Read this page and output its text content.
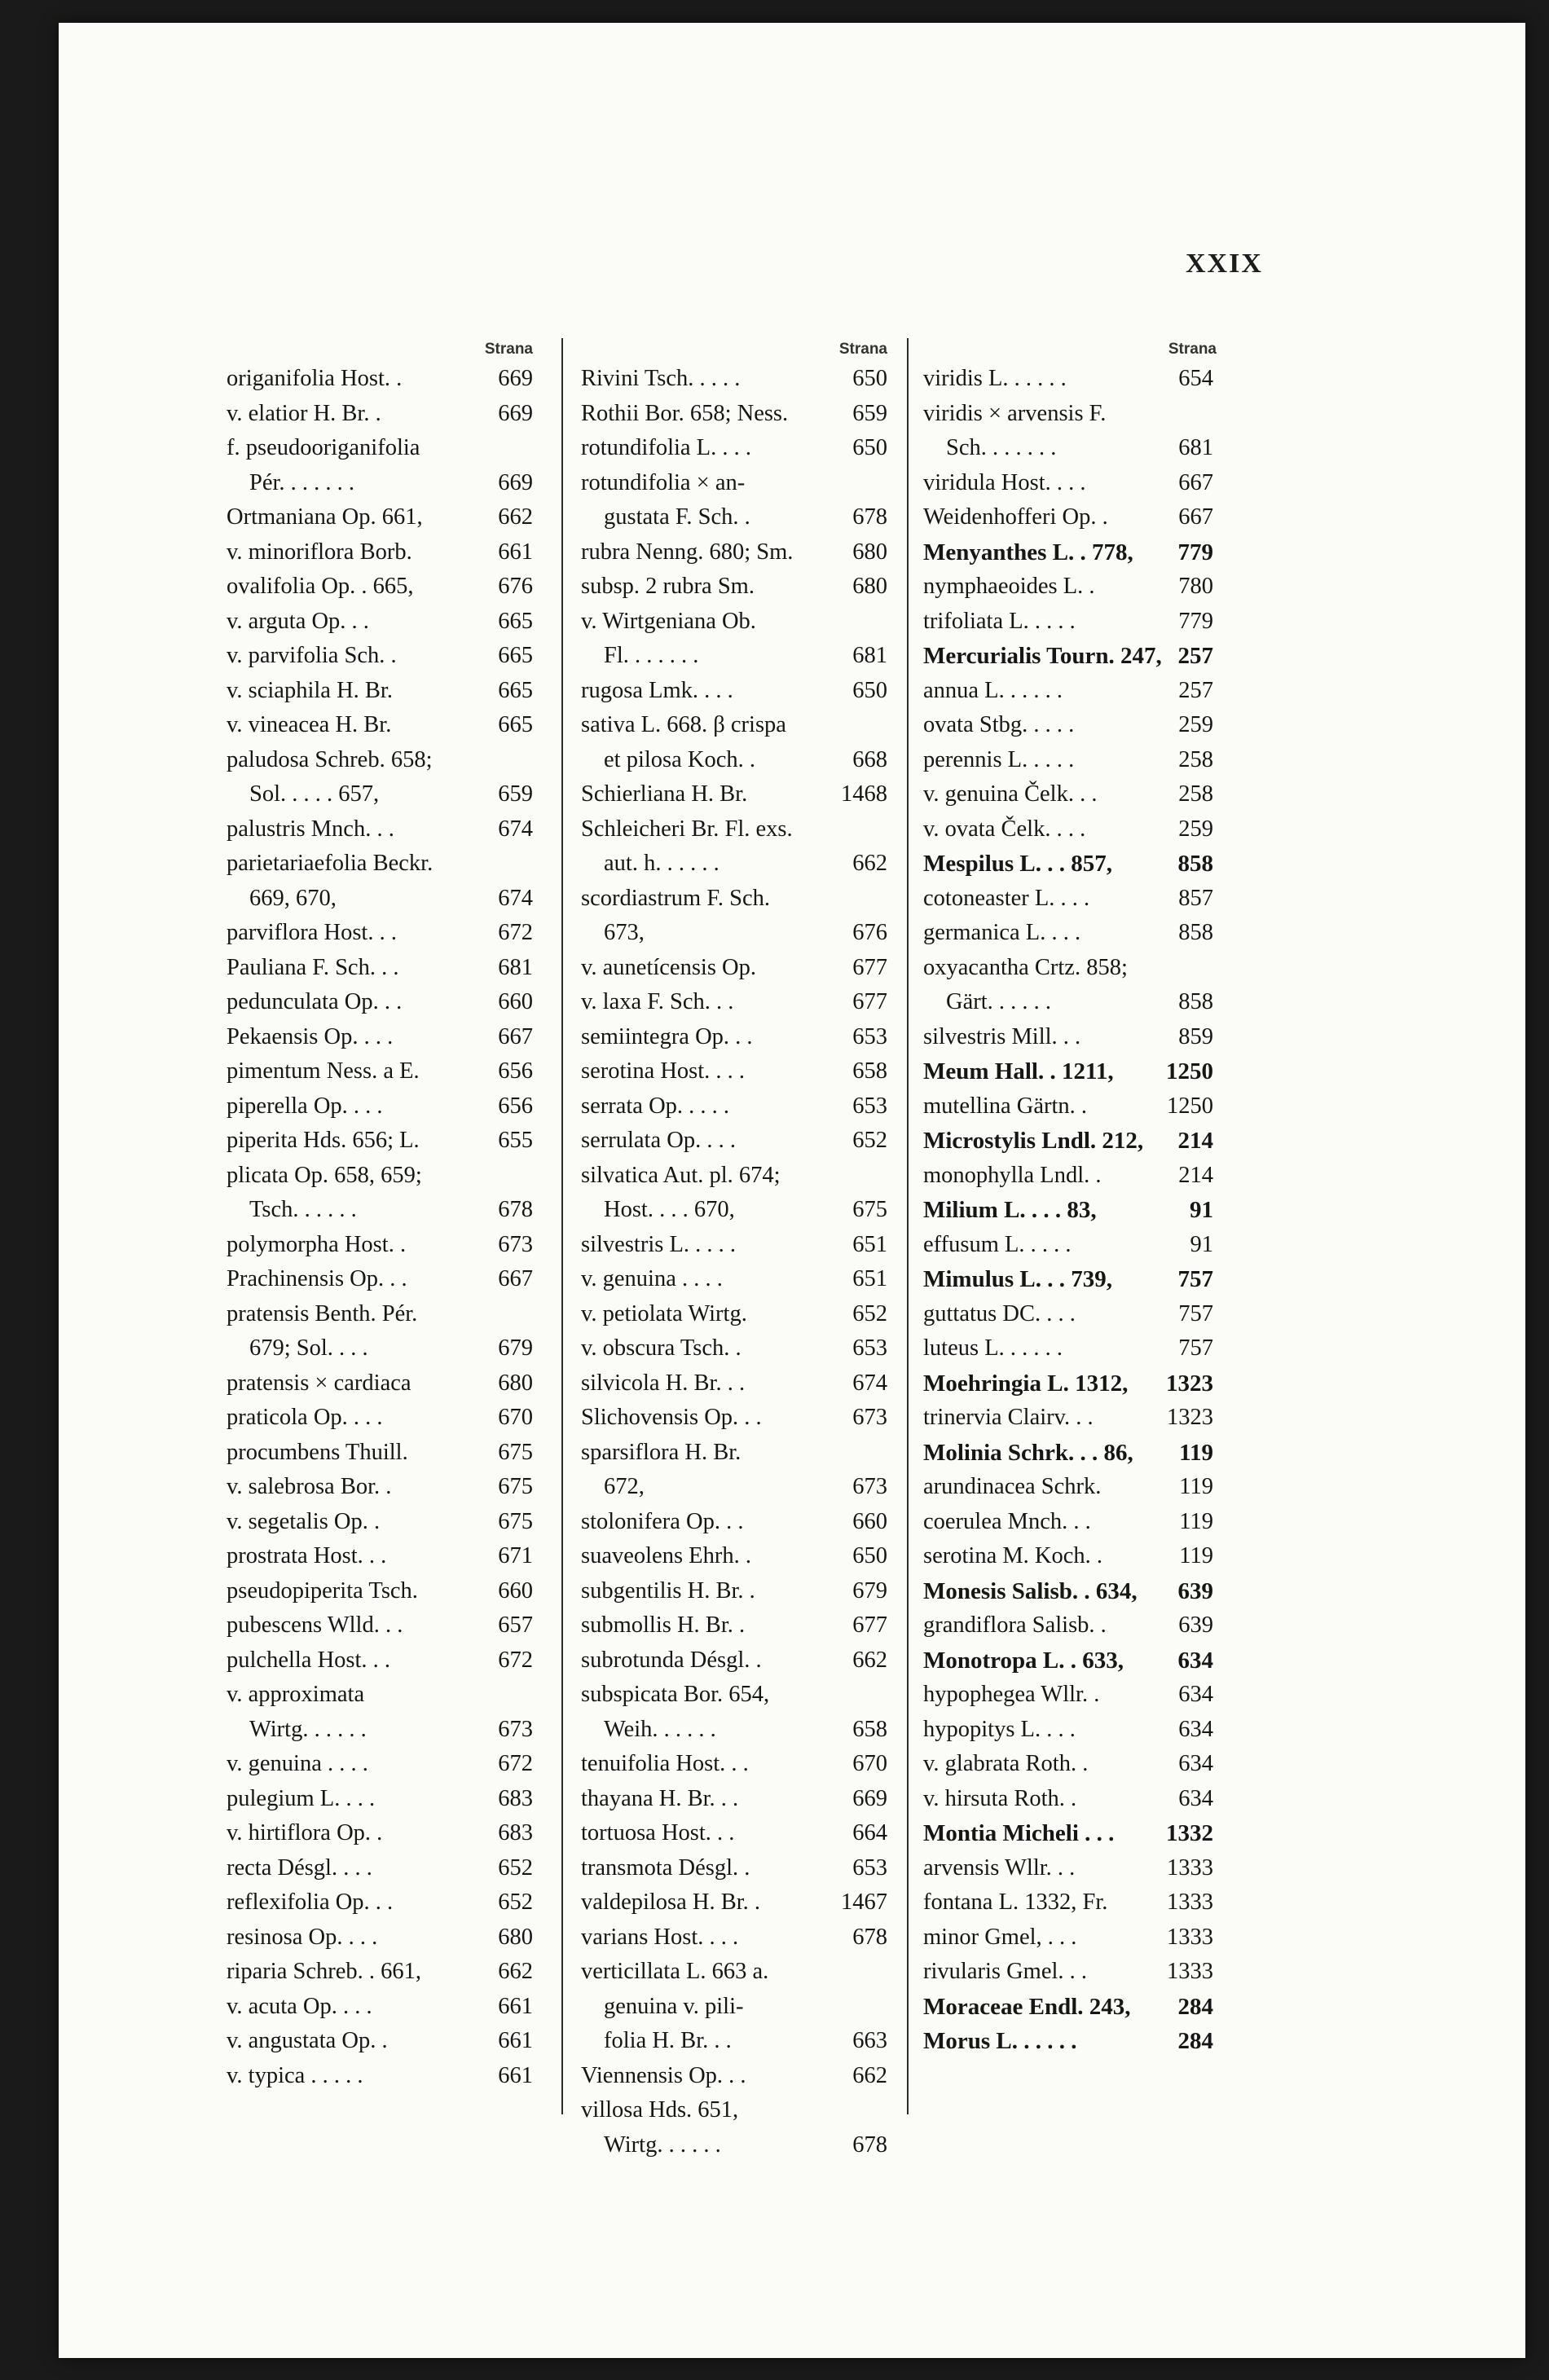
XXIX
Strana
origanifolia Host. .	669
v. elatior H. Br. .	669
f. pseudooriganifolia
Pér. . . . . . .	669
Ortmaniana Op. 661,	662
v. minoriflora Borb.	661
ovalifolia Op. . 665,	676
v. arguta Op. . .	665
v. parvifolia Sch. .	665
v. sciaphila H. Br.	665
v. vineacea H. Br.	665
paludosa Schreb. 658;
Sol. . . . . 657,	659
palustris Mnch. . .	674
parietariaefolia Beckr.
669, 670,	674
parviflora Host. . .	672
Pauliana F. Sch. . .	681
pedunculata Op. . .	660
Pekaensis Op. . . .	667
pimentum Ness. a E.	656
piperella Op. . . .	656
piperita Hds. 656; L.	655
plicata Op. 658, 659;
Tsch. . . . . .	678
polymorpha Host. .	673
Prachinensis Op. . .	667
pratensis Benth. Pér.
679; Sol. . . .	679
pratensis × cardiaca	680
praticola Op. . . .	670
procumbens Thuill.	675
v. salebrosa Bor. .	675
v. segetalis Op. .	675
prostrata Host. . .	671
pseudopiperita Tsch.	660
pubescens Wlld. . .	657
pulchella Host. . .	672
v. approximata
Wirtg. . . . . .	673
v. genuina . . . .	672
pulegium L. . . .	683
v. hirtiflora Op. .	683
recta Désgl. . . .	652
reflexifolia Op. . .	652
resinosa Op. . . .	680
riparia Schreb. . 661,	662
v. acuta Op. . . .	661
v. angustata Op. .	661
v. typica . . . . .	661
Strana
Rivini Tsch. . . . .	650
Rothii Bor. 658; Ness.	659
rotundifolia L. . . .	650
rotundifolia × an-
gustata F. Sch. .	678
rubra Nenng. 680; Sm.	680
subsp. 2 rubra Sm.	680
v. Wirtgeniana Ob.
Fl. . . . . . .	681
rugosa Lmk. . . .	650
sativa L. 668. β crispa
et pilosa Koch. .	668
Schierliana H. Br.	1468
Schleicheri Br. Fl. exs.
aut. h. . . . . .	662
scordiastrum F. Sch.
673,	676
v. aunetícensis Op.	677
v. laxa F. Sch. . .	677
semiintegra Op. . .	653
serotina Host. . . .	658
serrata Op. . . . .	653
serrulata Op. . . .	652
silvatica Aut. pl. 674;
Host. . . . 670,	675
silvestris L. . . . .	651
v. genuina . . . .	651
v. petiolata Wirtg.	652
v. obscura Tsch. .	653
silvicola H. Br. . .	674
Slichovensis Op. . .	673
sparsiflora H. Br.
672,	673
stolonifera Op. . .	660
suaveolens Ehrh. .	650
subgentilis H. Br. .	679
submollis H. Br. .	677
subrotunda Désgl. .	662
subspicata Bor. 654,
Weih. . . . . .	658
tenuifolia Host. . .	670
thayana H. Br. . .	669
tortuosa Host. . .	664
transmota Désgl. .	653
valdepilosa H. Br. .	1467
varians Host. . . .	678
verticillata L. 663 a.
genuina v. pili-
folia H. Br. . .	663
Viennensis Op. . .	662
villosa Hds. 651,
Wirtg. . . . . .	678
Strana
viridis L. . . . . .	654
viridis × arvensis F.
Sch. . . . . . .	681
viridula Host. . . .	667
Weidenhofferi Op. .	667
Menyanthes L. . 778, 779
nymphaeoides L. .	780
trifoliata L. . . . .	779
Mercurialis Tourn. 247, 257
annua L. . . . . .	257
ovata Stbg. . . . .	259
perennis L. . . . .	258
v. genuina Čelk. . .	258
v. ovata Čelk. . . .	259
Mespilus L. . . 857,	858
cotoneaster L. . . .	857
germanica L. . . .	858
oxyacantha Crtz. 858;
Gärt. . . . . .	858
silvestris Mill. . .	859
Meum Hall. . 1211, 1250
mutellina Gärtn. .	1250
Microstylis Lndl. 212, 214
monophylla Lndl. .	214
Milium L. . . . 83,	91
effusum L. . . . .	91
Mimulus L. . . 739,	757
guttatus DC. . . .	757
luteus L. . . . . .	757
Moehringia L. 1312, 1323
trinervia Clairv. . .	1323
Molinia Schrk. . . 86, 119
arundinacea Schrk.	119
coerulea Mnch. . .	119
serotina M. Koch. .	119
Monesis Salisb. . 634, 639
grandiflora Salisb. .	639
Monotropa L. . 633, 634
hypophegea Wllr. .	634
hypopitys L. . . .	634
v. glabrata Roth. .	634
v. hirsuta Roth. .	634
Montia Micheli . . . 1332
arvensis Wllr. . .	1333
fontana L. 1332, Fr.	1333
minor Gmel, . . .	1333
rivularis Gmel. . .	1333
Moraceae Endl. 243, 284
Morus L. . . . . .	284
